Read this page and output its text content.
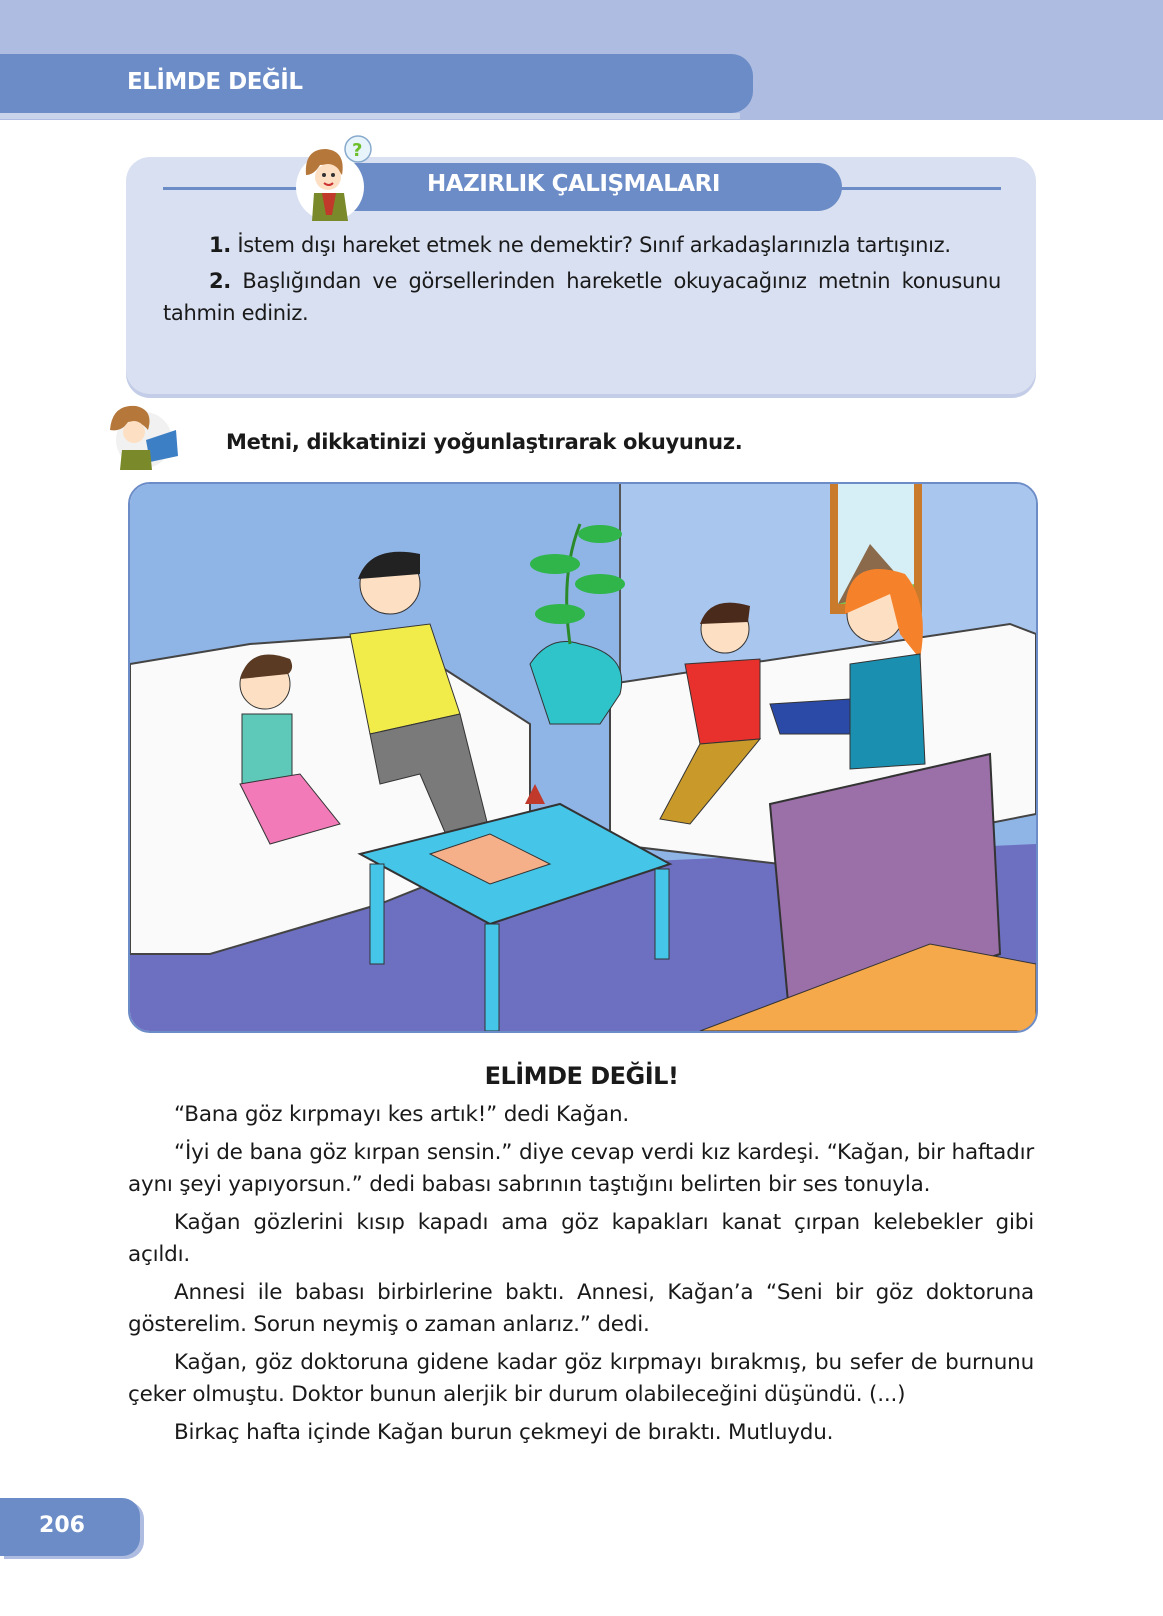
ELİMDE DEĞİL
HAZIRLIK ÇALIŞMALARI
?

1. İstem dışı hareket etmek ne demektir? Sınıf arkadaşlarınızla tartışınız.

2. Başlığından ve görsellerinden hareketle okuyacağınız metnin konusunu tahmin ediniz.

Metni, dikkatinizi yoğunlaştırarak okuyunuz.
ELİMDE DEĞİL!

“Bana göz kırpmayı kes artık!” dedi Kağan.

“İyi de bana göz kırpan sensin.” diye cevap verdi kız kardeşi. “Kağan, bir haftadır aynı şeyi yapıyorsun.” dedi babası sabrının taştığını belirten bir ses tonuyla.

Kağan gözlerini kısıp kapadı ama göz kapakları kanat çırpan kelebekler gibi açıldı.

Annesi ile babası birbirlerine baktı. Annesi, Kağan’a “Seni bir göz doktoruna gösterelim. Sorun neymiş o zaman anlarız.” dedi.

Kağan, göz doktoruna gidene kadar göz kırpmayı bırakmış, bu sefer de burnunu çeker olmuştu. Doktor bunun alerjik bir durum olabileceğini düşündü. (...)

Birkaç hafta içinde Kağan burun çekmeyi de bıraktı. Mutluydu.

206
